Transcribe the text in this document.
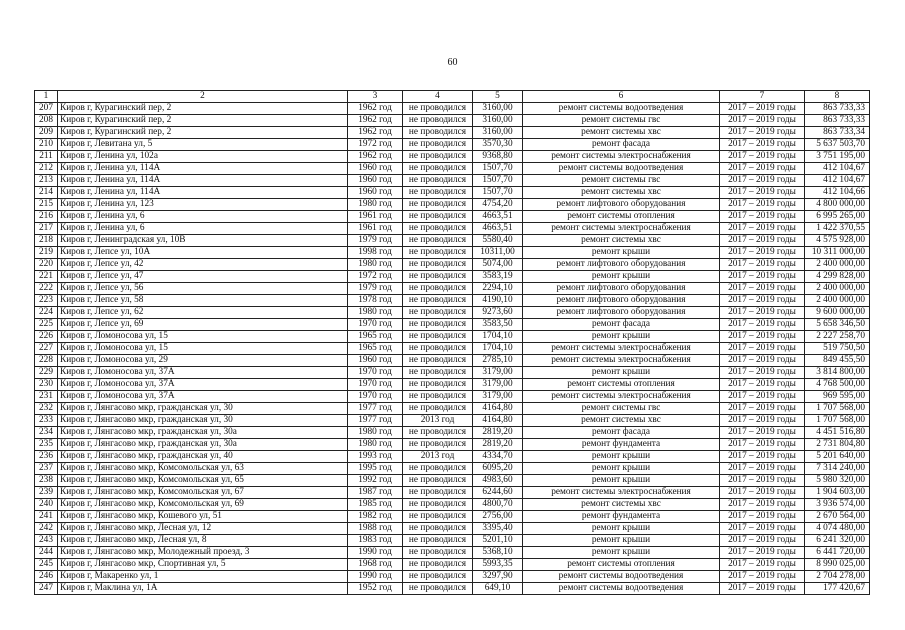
60
1	2	3	4	5	6	7	8
207	Киров г, Курагинский пер, 2	1962 год	не проводился	3160,00	ремонт системы водоотведения	2017 – 2019 годы	863 733,33
208	Киров г, Курагинский пер, 2	1962 год	не проводился	3160,00	ремонт системы гвс	2017 – 2019 годы	863 733,33
209	Киров г, Курагинский пер, 2	1962 год	не проводился	3160,00	ремонт системы хвс	2017 – 2019 годы	863 733,34
210	Киров г, Левитана ул, 5	1972 год	не проводился	3570,30	ремонт фасада	2017 – 2019 годы	5 637 503,70
211	Киров г, Ленина ул, 102а	1962 год	не проводился	9368,80	ремонт системы электроснабжения	2017 – 2019 годы	3 751 195,00
212	Киров г, Ленина ул, 114А	1960 год	не проводился	1507,70	ремонт системы водоотведения	2017 – 2019 годы	412 104,67
213	Киров г, Ленина ул, 114А	1960 год	не проводился	1507,70	ремонт системы гвс	2017 – 2019 годы	412 104,67
214	Киров г, Ленина ул, 114А	1960 год	не проводился	1507,70	ремонт системы хвс	2017 – 2019 годы	412 104,66
215	Киров г, Ленина ул, 123	1980 год	не проводился	4754,20	ремонт лифтового оборудования	2017 – 2019 годы	4 800 000,00
216	Киров г, Ленина ул, 6	1961 год	не проводился	4663,51	ремонт системы отопления	2017 – 2019 годы	6 995 265,00
217	Киров г, Ленина ул, 6	1961 год	не проводился	4663,51	ремонт системы электроснабжения	2017 – 2019 годы	1 422 370,55
218	Киров г, Ленинградская ул, 10В	1979 год	не проводился	5580,40	ремонт системы хвс	2017 – 2019 годы	4 575 928,00
219	Киров г, Лепсе ул, 10А	1998 год	не проводился	10311,00	ремонт крыши	2017 – 2019 годы	10 311 000,00
220	Киров г, Лепсе ул, 42	1980 год	не проводился	5074,00	ремонт лифтового оборудования	2017 – 2019 годы	2 400 000,00
221	Киров г, Лепсе ул, 47	1972 год	не проводился	3583,19	ремонт крыши	2017 – 2019 годы	4 299 828,00
222	Киров г, Лепсе ул, 56	1979 год	не проводился	2294,10	ремонт лифтового оборудования	2017 – 2019 годы	2 400 000,00
223	Киров г, Лепсе ул, 58	1978 год	не проводился	4190,10	ремонт лифтового оборудования	2017 – 2019 годы	2 400 000,00
224	Киров г, Лепсе ул, 62	1980 год	не проводился	9273,60	ремонт лифтового оборудования	2017 – 2019 годы	9 600 000,00
225	Киров г, Лепсе ул, 69	1970 год	не проводился	3583,50	ремонт фасада	2017 – 2019 годы	5 658 346,50
226	Киров г, Ломоносова ул, 15	1965 год	не проводился	1704,10	ремонт крыши	2017 – 2019 годы	2 227 258,70
227	Киров г, Ломоносова ул, 15	1965 год	не проводился	1704,10	ремонт системы электроснабжения	2017 – 2019 годы	519 750,50
228	Киров г, Ломоносова ул, 29	1960 год	не проводился	2785,10	ремонт системы электроснабжения	2017 – 2019 годы	849 455,50
229	Киров г, Ломоносова ул, 37А	1970 год	не проводился	3179,00	ремонт крыши	2017 – 2019 годы	3 814 800,00
230	Киров г, Ломоносова ул, 37А	1970 год	не проводился	3179,00	ремонт системы отопления	2017 – 2019 годы	4 768 500,00
231	Киров г, Ломоносова ул, 37А	1970 год	не проводился	3179,00	ремонт системы электроснабжения	2017 – 2019 годы	969 595,00
232	Киров г, Лянгасово мкр, гражданская ул, 30	1977 год	не проводился	4164,80	ремонт системы гвс	2017 – 2019 годы	1 707 568,00
233	Киров г, Лянгасово мкр, гражданская ул, 30	1977 год	2013 год	4164,80	ремонт системы хвс	2017 – 2019 годы	1 707 568,00
234	Киров г, Лянгасово мкр, гражданская ул, 30а	1980 год	не проводился	2819,20	ремонт фасада	2017 – 2019 годы	4 451 516,80
235	Киров г, Лянгасово мкр, гражданская ул, 30а	1980 год	не проводился	2819,20	ремонт фундамента	2017 – 2019 годы	2 731 804,80
236	Киров г, Лянгасово мкр, гражданская ул, 40	1993 год	2013 год	4334,70	ремонт крыши	2017 – 2019 годы	5 201 640,00
237	Киров г, Лянгасово мкр, Комсомольская ул, 63	1995 год	не проводился	6095,20	ремонт крыши	2017 – 2019 годы	7 314 240,00
238	Киров г, Лянгасово мкр, Комсомольская ул, 65	1992 год	не проводился	4983,60	ремонт крыши	2017 – 2019 годы	5 980 320,00
239	Киров г, Лянгасово мкр, Комсомольская ул, 67	1987 год	не проводился	6244,60	ремонт системы электроснабжения	2017 – 2019 годы	1 904 603,00
240	Киров г, Лянгасово мкр, Комсомольская ул, 69	1985 год	не проводился	4800,70	ремонт системы хвс	2017 – 2019 годы	3 936 574,00
241	Киров г, Лянгасово мкр, Кошевого ул, 51	1982 год	не проводился	2756,00	ремонт фундамента	2017 – 2019 годы	2 670 564,00
242	Киров г, Лянгасово мкр, Лесная ул, 12	1988 год	не проводился	3395,40	ремонт крыши	2017 – 2019 годы	4 074 480,00
243	Киров г, Лянгасово мкр, Лесная ул, 8	1983 год	не проводился	5201,10	ремонт крыши	2017 – 2019 годы	6 241 320,00
244	Киров г, Лянгасово мкр, Молодежный проезд, 3	1990 год	не проводился	5368,10	ремонт крыши	2017 – 2019 годы	6 441 720,00
245	Киров г, Лянгасово мкр, Спортивная ул, 5	1968 год	не проводился	5993,35	ремонт системы отопления	2017 – 2019 годы	8 990 025,00
246	Киров г, Макаренко ул, 1	1990 год	не проводился	3297,90	ремонт системы водоотведения	2017 – 2019 годы	2 704 278,00
247	Киров г, Маклина ул, 1А	1952 год	не проводился	649,10	ремонт системы водоотведения	2017 – 2019 годы	177 420,67
